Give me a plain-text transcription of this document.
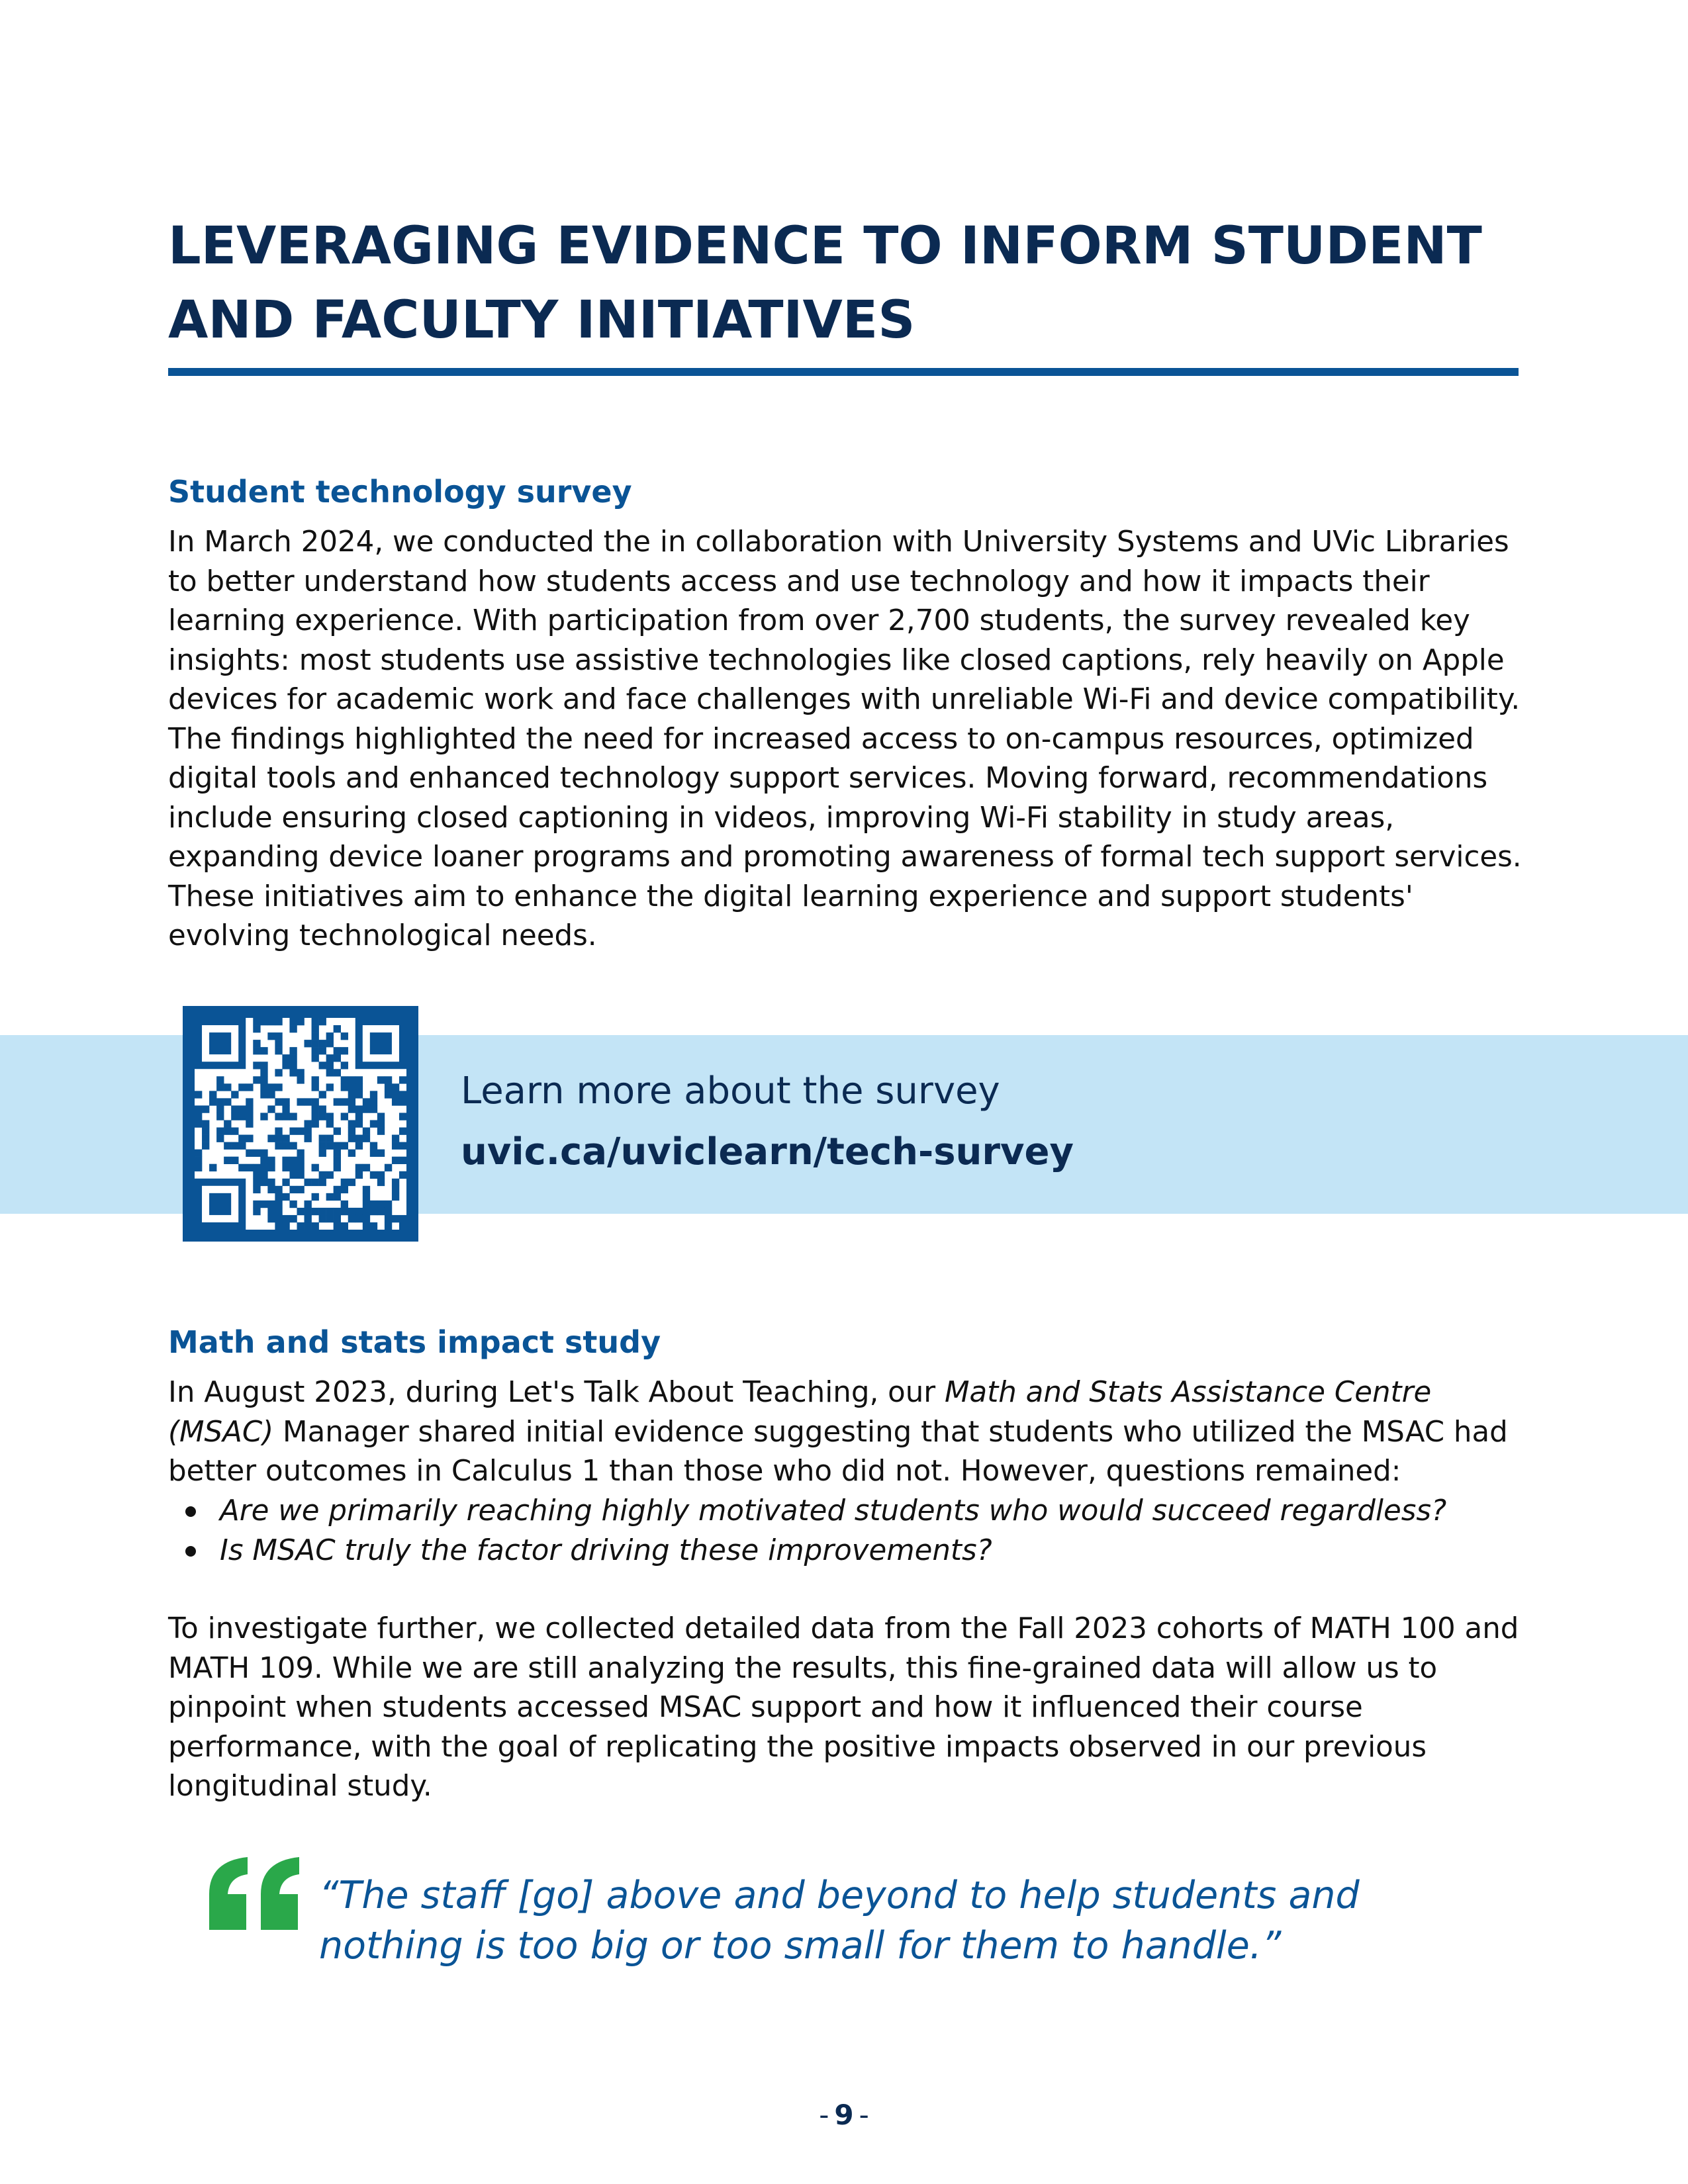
LEVERAGING EVIDENCE TO INFORM STUDENT
AND FACULTY INITIATIVES
Student technology survey

In March 2024, we conducted the in collaboration with University Systems and UVic Libraries to better understand how students access and use technology and how it impacts their learning experience. With participation from over 2,700 students, the survey revealed key insights: most students use assistive technologies like closed captions, rely heavily on Apple devices for academic work and face challenges with unreliable Wi-Fi and device compatibility. The findings highlighted the need for increased access to on-campus resources, optimized digital tools and enhanced technology support services. Moving forward, recommendations include ensuring closed captioning in videos, improving Wi-Fi stability in study areas, expanding device loaner programs and promoting awareness of formal tech support services. These initiatives aim to enhance the digital learning experience and support students' evolving technological needs.

Learn more about the survey
uvic.ca/uviclearn/tech-survey
Math and stats impact study

In August 2023, during Let's Talk About Teaching, our Math and Stats Assistance Centre (MSAC) Manager shared initial evidence suggesting that students who utilized the MSAC had better outcomes in Calculus 1 than those who did not. However, questions remained:

Are we primarily reaching highly motivated students who would succeed regardless?
Is MSAC truly the factor driving these improvements?

To investigate further, we collected detailed data from the Fall 2023 cohorts of MATH 100 and MATH 109. While we are still analyzing the results, this fine-grained data will allow us to pinpoint when students accessed MSAC support and how it influenced their course performance, with the goal of replicating the positive impacts observed in our previous longitudinal study.

“The staff [go] above and beyond to help students and nothing is too big or too small for them to handle.”

- 9 -
